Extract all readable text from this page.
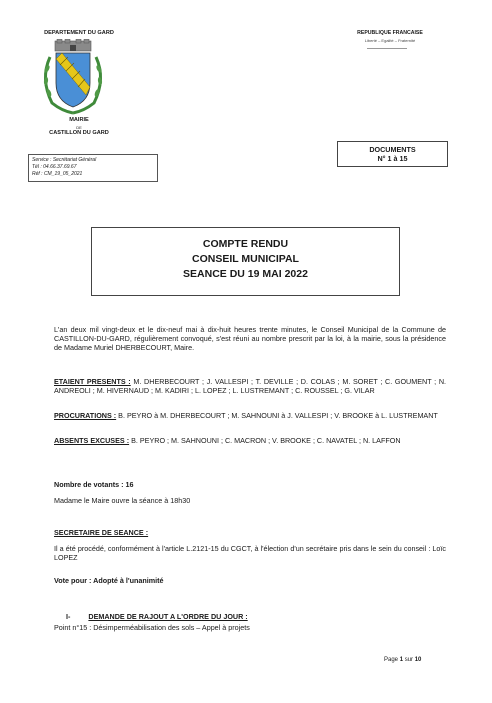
DEPARTEMENT DU GARD
MAIRIE
DE
CASTILLON DU GARD
REPUBLIQUE FRANCAISE
Liberté – Egalité – Fraternité
Service : Secrétariat Général
Tél : 04.66.37.69.67
Réf : CM_19_05_2021
DOCUMENTS
N° 1 à 15
COMPTE RENDU
CONSEIL MUNICIPAL
SEANCE DU 19 MAI 2022
L'an deux mil vingt-deux et le dix-neuf mai à dix-huit heures trente minutes, le Conseil Municipal de la Commune de CASTILLON-DU-GARD, régulièrement convoqué, s'est réuni au nombre prescrit par la loi, à la mairie, sous la présidence de Madame Muriel DHERBECOURT, Maire.
ETAIENT PRESENTS : M. DHERBECOURT ; J. VALLESPI ; T. DEVILLE ; D. COLAS ; M. SORET ; C. GOUMENT ; N. ANDREOLI ; M. HIVERNAUD ; M. KADIRI ; L. LOPEZ ; L. LUSTREMANT ; C. ROUSSEL ; G. VILAR
PROCURATIONS : B. PEYRO à M. DHERBECOURT ; M. SAHNOUNI à J. VALLESPI ; V. BROOKE à L. LUSTREMANT
ABSENTS EXCUSES : B. PEYRO ; M. SAHNOUNI ; C. MACRON ; V. BROOKE ; C. NAVATEL ; N. LAFFON
Nombre de votants : 16
Madame le Maire ouvre la séance à 18h30
SECRETAIRE DE SEANCE :
Il a été procédé, conformément à l'article L.2121-15 du CGCT, à l'élection d'un secrétaire pris dans le sein du conseil : Loïc LOPEZ
Vote pour : Adopté à l'unanimité
I-	DEMANDE DE RAJOUT A L'ORDRE DU JOUR :
Point n°15 : Désimperméabilisation des sols – Appel à projets
Page 1 sur 10
